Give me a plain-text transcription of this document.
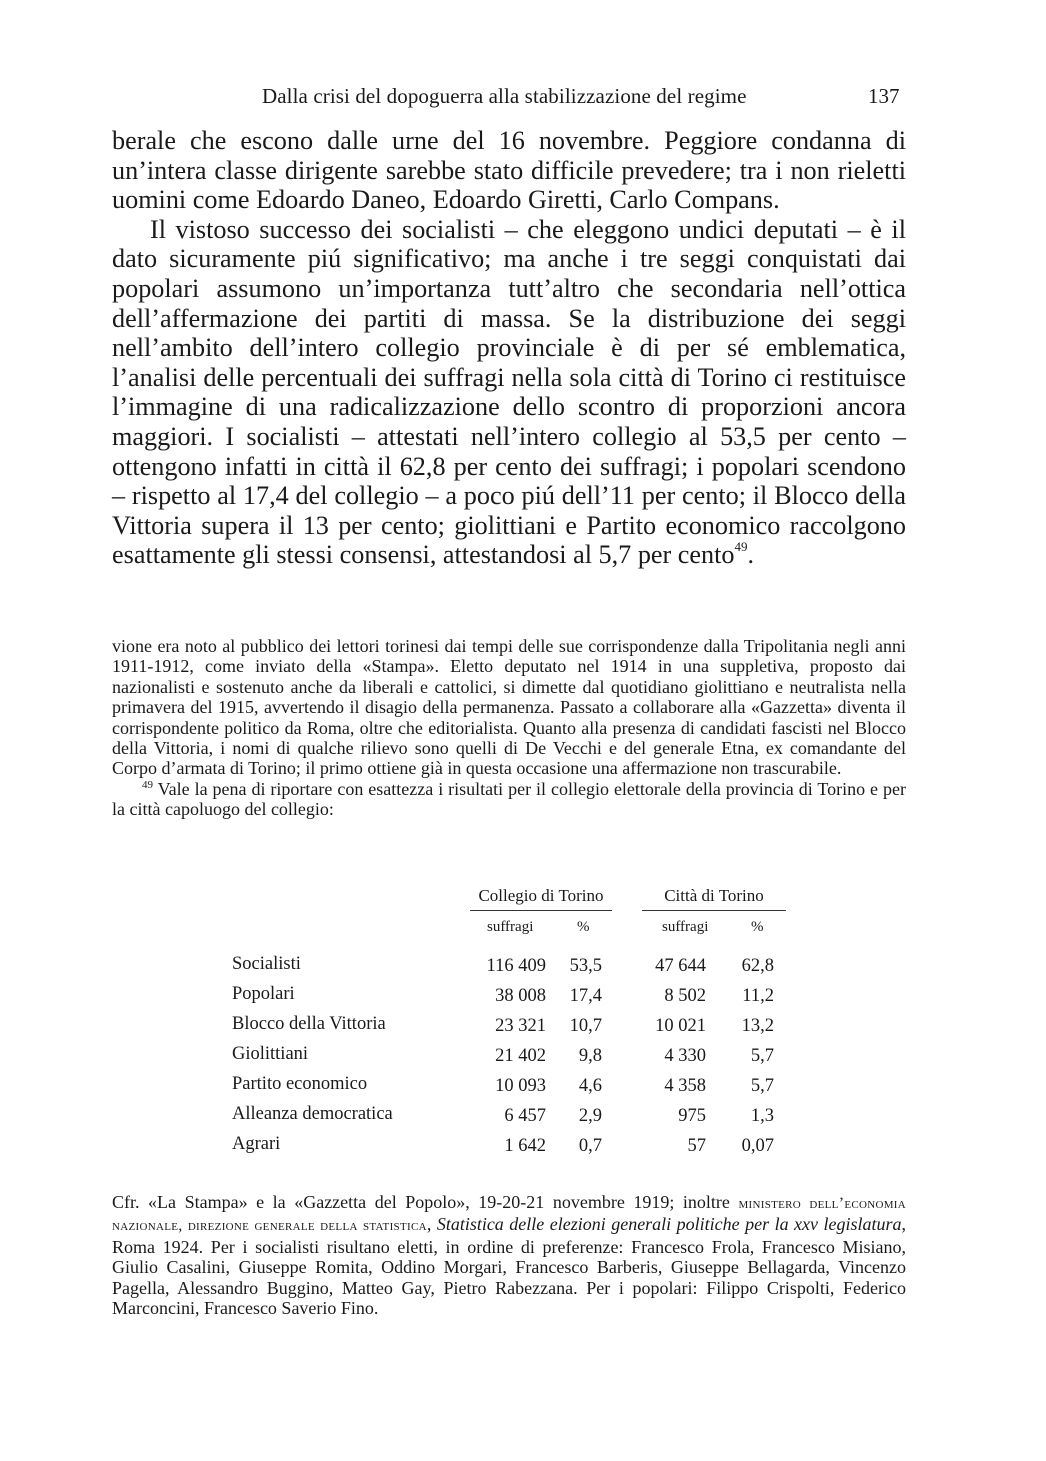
Dalla crisi del dopoguerra alla stabilizzazione del regime	137

berale che escono dalle urne del 16 novembre. Peggiore condanna di un’intera classe dirigente sarebbe stato difficile prevedere; tra i non rieletti uomini come Edoardo Daneo, Edoardo Giretti, Carlo Compans.

Il vistoso successo dei socialisti – che eleggono undici deputati – è il dato sicuramente piú significativo; ma anche i tre seggi conquistati dai popolari assumono un’importanza tutt’altro che secondaria nell’ottica dell’affermazione dei partiti di massa. Se la distribuzione dei seggi nell’ambito dell’intero collegio provinciale è di per sé emblematica, l’analisi delle percentuali dei suffragi nella sola città di Torino ci restituisce l’immagine di una radicalizzazione dello scontro di proporzioni ancora maggiori. I socialisti – attestati nell’intero collegio al 53,5 per cento – ottengono infatti in città il 62,8 per cento dei suffragi; i popolari scendono – rispetto al 17,4 del collegio – a poco piú dell’11 per cento; il Blocco della Vittoria supera il 13 per cento; giolittiani e Partito economico raccolgono esattamente gli stessi consensi, attestandosi al 5,7 per cento$^{49}$.

vione era noto al pubblico dei lettori torinesi dai tempi delle sue corrispondenze dalla Tripolitania negli anni 1911-1912, come inviato della «Stampa». Eletto deputato nel 1914 in una suppletiva, proposto dai nazionalisti e sostenuto anche da liberali e cattolici, si dimette dal quotidiano giolittiano e neutralista nella primavera del 1915, avvertendo il disagio della permanenza. Passato a collaborare alla «Gazzetta» diventa il corrispondente politico da Roma, oltre che editorialista. Quanto alla presenza di candidati fascisti nel Blocco della Vittoria, i nomi di qualche rilievo sono quelli di De Vecchi e del generale Etna, ex comandante del Corpo d’armata di Torino; il primo ottiene già in questa occasione una affermazione non trascurabile.

$^{49}$ Vale la pena di riportare con esattezza i risultati per il collegio elettorale della provincia di Torino e per la città capoluogo del collegio:

Collegio di Torino	Città di Torino
suffragi	%	suffragi	%
Socialisti	116 409	53,5	47 644	62,8
Popolari	38 008	17,4	8 502	11,2
Blocco della Vittoria	23 321	10,7	10 021	13,2
Giolittiani	21 402	9,8	4 330	5,7
Partito economico	10 093	4,6	4 358	5,7
Alleanza democratica	6 457	2,9	975	1,3
Agrari	1 642	0,7	57	0,07

Cfr. «La Stampa» e la «Gazzetta del Popolo», 19-20-21 novembre 1919; inoltre ministero dell’economia nazionale, direzione generale della statistica, Statistica delle elezioni generali politiche per la xxv legislatura, Roma 1924. Per i socialisti risultano eletti, in ordine di preferenze: Francesco Frola, Francesco Misiano, Giulio Casalini, Giuseppe Romita, Oddino Morgari, Francesco Barberis, Giuseppe Bellagarda, Vincenzo Pagella, Alessandro Buggino, Matteo Gay, Pietro Rabezzana. Per i popolari: Filippo Crispolti, Federico Marconcini, Francesco Saverio Fino.
